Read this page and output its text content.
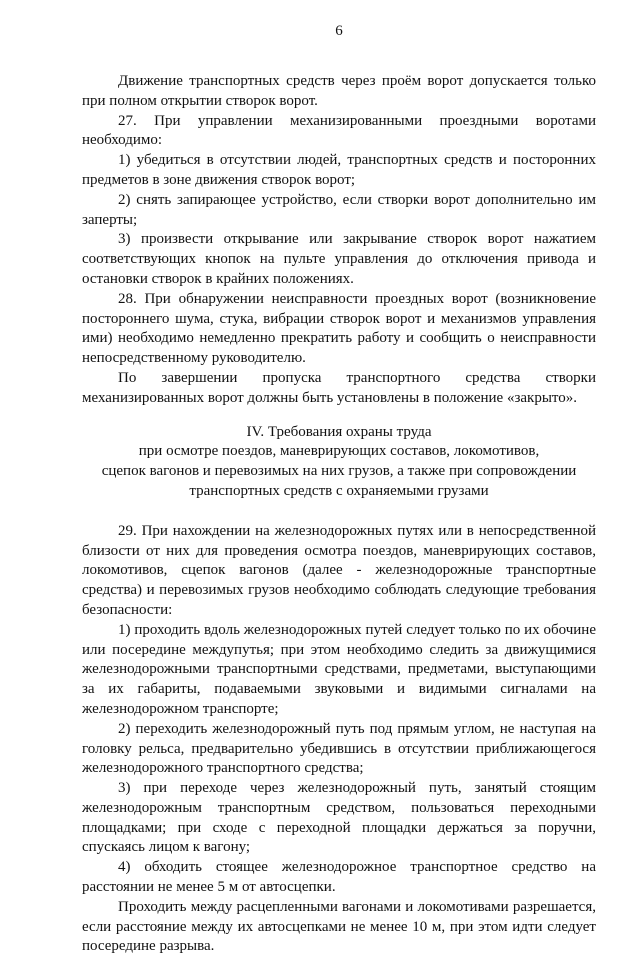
6

Движение транспортных средств через проём ворот допускается только при полном открытии створок ворот.

27. При управлении механизированными проездными воротами необходимо:

1) убедиться в отсутствии людей, транспортных средств и посторонних предметов в зоне движения створок ворот;

2) снять запирающее устройство, если створки ворот дополнительно им заперты;

3) произвести открывание или закрывание створок ворот нажатием соответствующих кнопок на пульте управления до отключения привода и остановки створок в крайних положениях.

28. При обнаружении неисправности проездных ворот (возникновение постороннего шума, стука, вибрации створок ворот и механизмов управления ими) необходимо немедленно прекратить работу и сообщить о неисправности непосредственному руководителю.

По завершении пропуска транспортного средства створки механизированных ворот должны быть установлены в положение «закрыто».

IV. Требования охраны труда
при осмотре поездов, маневрирующих составов, локомотивов,
сцепок вагонов и перевозимых на них грузов, а также при сопровождении
транспортных средств с охраняемыми грузами

29. При нахождении на железнодорожных путях или в непосредственной близости от них для проведения осмотра поездов, маневрирующих составов, локомотивов, сцепок вагонов (далее - железнодорожные транспортные средства) и перевозимых грузов необходимо соблюдать следующие требования безопасности:

1) проходить вдоль железнодорожных путей следует только по их обочине или посередине междупутья; при этом необходимо следить за движущимися железнодорожными транспортными средствами, предметами, выступающими за их габариты, подаваемыми звуковыми и видимыми сигналами на железнодорожном транспорте;

2) переходить железнодорожный путь под прямым углом, не наступая на головку рельса, предварительно убедившись в отсутствии приближающегося железнодорожного транспортного средства;

3) при переходе через железнодорожный путь, занятый стоящим железнодорожным транспортным средством, пользоваться переходными площадками; при сходе с переходной площадки держаться за поручни, спускаясь лицом к вагону;

4) обходить стоящее железнодорожное транспортное средство на расстоянии не менее 5 м от автосцепки.

Проходить между расцепленными вагонами и локомотивами разрешается, если расстояние между их автосцепками не менее 10 м, при этом идти следует посередине разрыва.
